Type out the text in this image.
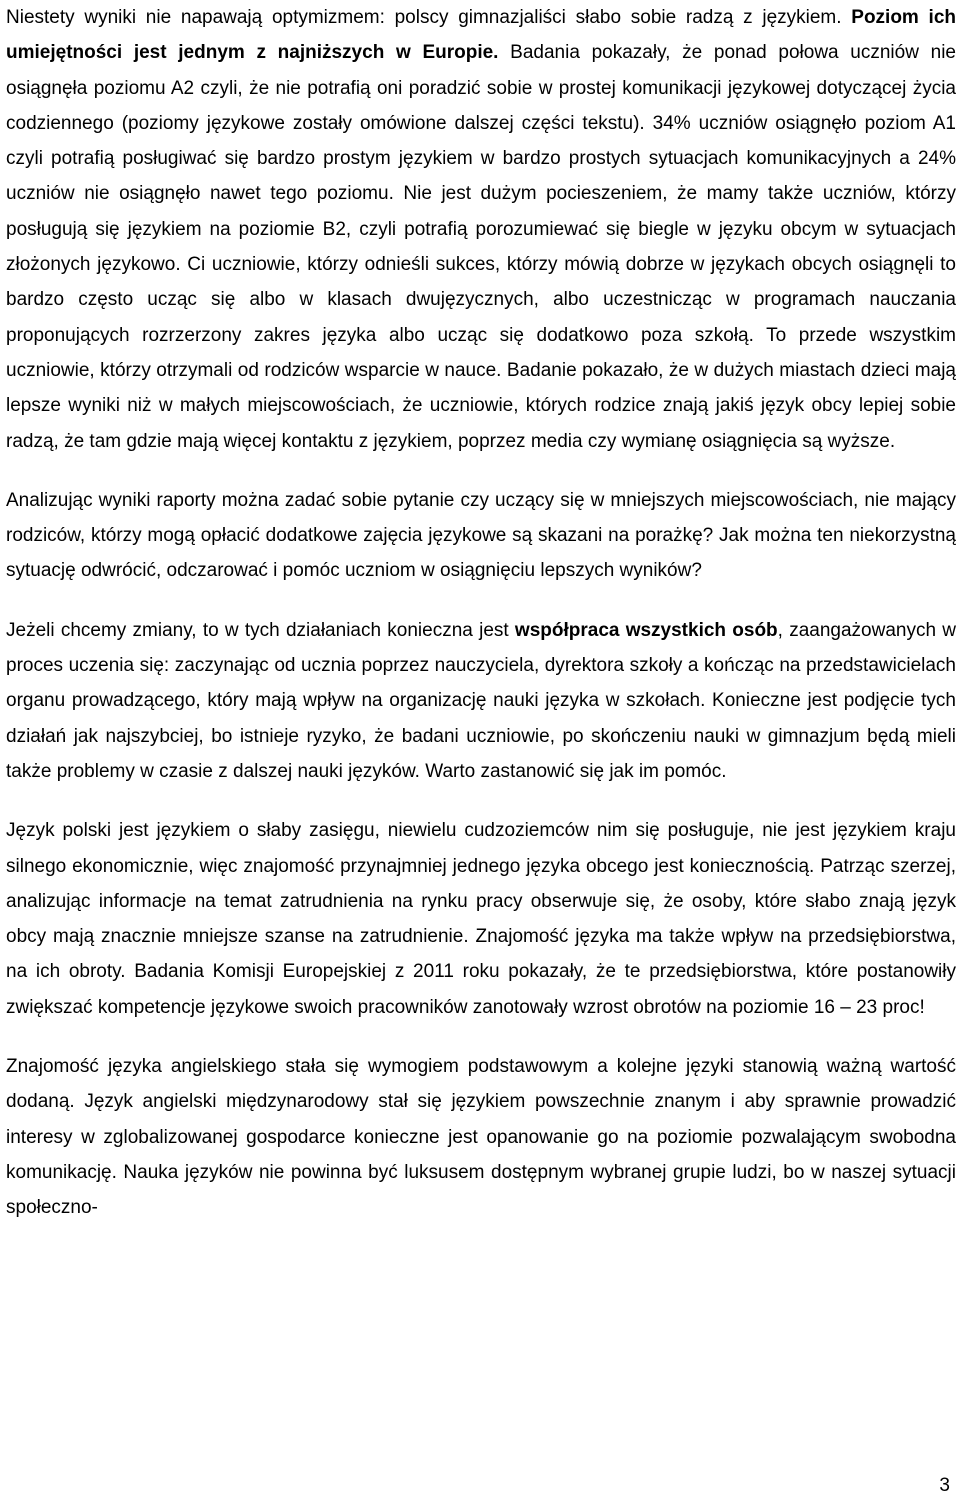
Niestety wyniki nie napawają optymizmem: polscy gimnazjaliści słabo sobie radzą z językiem. Poziom ich umiejętności jest jednym z najniższych w Europie. Badania pokazały, że ponad połowa uczniów nie osiągnęła poziomu A2 czyli, że nie potrafią oni poradzić sobie w prostej komunikacji językowej dotyczącej życia codziennego (poziomy językowe zostały omówione dalszej części tekstu). 34% uczniów osiągnęło poziom A1 czyli potrafią posługiwać się bardzo prostym językiem w bardzo prostych sytuacjach komunikacyjnych a 24% uczniów nie osiągnęło nawet tego poziomu. Nie jest dużym pocieszeniem, że mamy także uczniów, którzy posługują się językiem na poziomie B2, czyli potrafią porozumiewać się biegle w języku obcym w sytuacjach złożonych językowo. Ci uczniowie, którzy odnieśli sukces, którzy mówią dobrze w językach obcych osiągnęli to bardzo często ucząc się albo w klasach dwujęzycznych, albo uczestnicząc w programach nauczania proponujących rozrzerzony zakres języka albo ucząc się dodatkowo poza szkołą. To przede wszystkim uczniowie, którzy otrzymali od rodziców wsparcie w nauce. Badanie pokazało, że w dużych miastach dzieci mają lepsze wyniki niż w małych miejscowościach, że uczniowie, których rodzice znają jakiś język obcy lepiej sobie radzą, że tam gdzie mają więcej kontaktu z językiem, poprzez media czy wymianę osiągnięcia są wyższe.

Analizując wyniki raporty można zadać sobie pytanie czy uczący się w mniejszych miejscowościach, nie mający rodziców, którzy mogą opłacić dodatkowe zajęcia językowe są skazani na porażkę? Jak można ten niekorzystną sytuację odwrócić, odczarować i pomóc uczniom w osiągnięciu lepszych wyników?

Jeżeli chcemy zmiany, to w tych działaniach konieczna jest współpraca wszystkich osób, zaangażowanych w proces uczenia się: zaczynając od ucznia poprzez nauczyciela, dyrektora szkoły a kończąc na przedstawicielach organu prowadzącego, który mają wpływ na organizację nauki języka w szkołach. Konieczne jest podjęcie tych działań jak najszybciej, bo istnieje ryzyko, że badani uczniowie, po skończeniu nauki w gimnazjum będą mieli także problemy w czasie z dalszej nauki języków. Warto zastanowić się jak im pomóc.

Język polski jest językiem o słaby zasięgu, niewielu cudzoziemców nim się posługuje, nie jest językiem kraju silnego ekonomicznie, więc znajomość przynajmniej jednego języka obcego jest koniecznością. Patrząc szerzej, analizując informacje na temat zatrudnienia na rynku pracy obserwuje się, że osoby, które słabo znają język obcy mają znacznie mniejsze szanse na zatrudnienie. Znajomość języka ma także wpływ na przedsiębiorstwa, na ich obroty. Badania Komisji Europejskiej z 2011 roku pokazały, że te przedsiębiorstwa, które postanowiły zwiększać kompetencje językowe swoich pracowników zanotowały wzrost obrotów na poziomie 16 – 23 proc!

Znajomość języka angielskiego stała się wymogiem podstawowym a kolejne języki stanowią ważną wartość dodaną. Język angielski międzynarodowy stał się językiem powszechnie znanym i aby sprawnie prowadzić interesy w zglobalizowanej gospodarce konieczne jest opanowanie go na poziomie pozwalającym swobodna komunikację. Nauka języków nie powinna być luksusem dostępnym wybranej grupie ludzi, bo w naszej sytuacji społeczno-

3
